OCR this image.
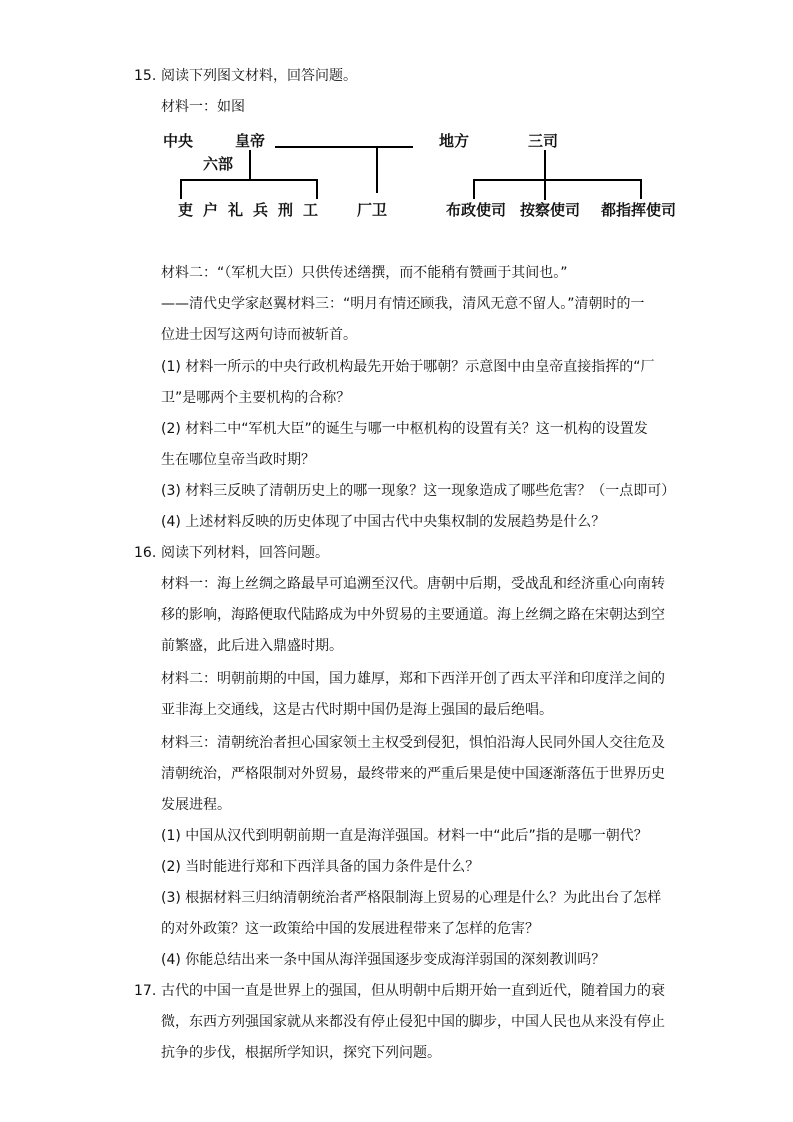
15. 阅读下列图文材料，回答问题。
材料一：如图
中央	皇帝
六部
地方	三司
吏 户 礼 兵 刑 工	厂卫	布政使司 按察使司 都指挥使司
材料二：“（军机大臣）只供传述缮撰，而不能稍有赞画于其间也。”
——清代史学家赵翼材料三：“明月有情还顾我，清风无意不留人。”清朝时的一
位进士因写这两句诗而被斩首。
(1) 材料一所示的中央行政机构最先开始于哪朝？示意图中由皇帝直接指挥的“厂
卫”是哪两个主要机构的合称？
(2) 材料二中“军机大臣”的诞生与哪一中枢机构的设置有关？这一机构的设置发
生在哪位皇帝当政时期？
(3) 材料三反映了清朝历史上的哪一现象？这一现象造成了哪些危害？（一点即可）
(4) 上述材料反映的历史体现了中国古代中央集权制的发展趋势是什么？
16. 阅读下列材料，回答问题。
材料一：海上丝绸之路最早可追溯至汉代。唐朝中后期，受战乱和经济重心向南转
移的影响，海路便取代陆路成为中外贸易的主要通道。海上丝绸之路在宋朝达到空
前繁盛，此后进入鼎盛时期。
材料二：明朝前期的中国，国力雄厚，郑和下西洋开创了西太平洋和印度洋之间的
亚非海上交通线，这是古代时期中国仍是海上强国的最后绝唱。
材料三：清朝统治者担心国家领土主权受到侵犯，惧怕沿海人民同外国人交往危及
清朝统治，严格限制对外贸易，最终带来的严重后果是使中国逐渐落伍于世界历史
发展进程。
(1) 中国从汉代到明朝前期一直是海洋强国。材料一中“此后”指的是哪一朝代？
(2) 当时能进行郑和下西洋具备的国力条件是什么？
(3) 根据材料三归纳清朝统治者严格限制海上贸易的心理是什么？为此出台了怎样
的对外政策？这一政策给中国的发展进程带来了怎样的危害？
(4) 你能总结出来一条中国从海洋强国逐步变成海洋弱国的深刻教训吗？
17. 古代的中国一直是世界上的强国，但从明朝中后期开始一直到近代，随着国力的衰
微，东西方列强国家就从来都没有停止侵犯中国的脚步，中国人民也从来没有停止
抗争的步伐，根据所学知识，探究下列问题。
